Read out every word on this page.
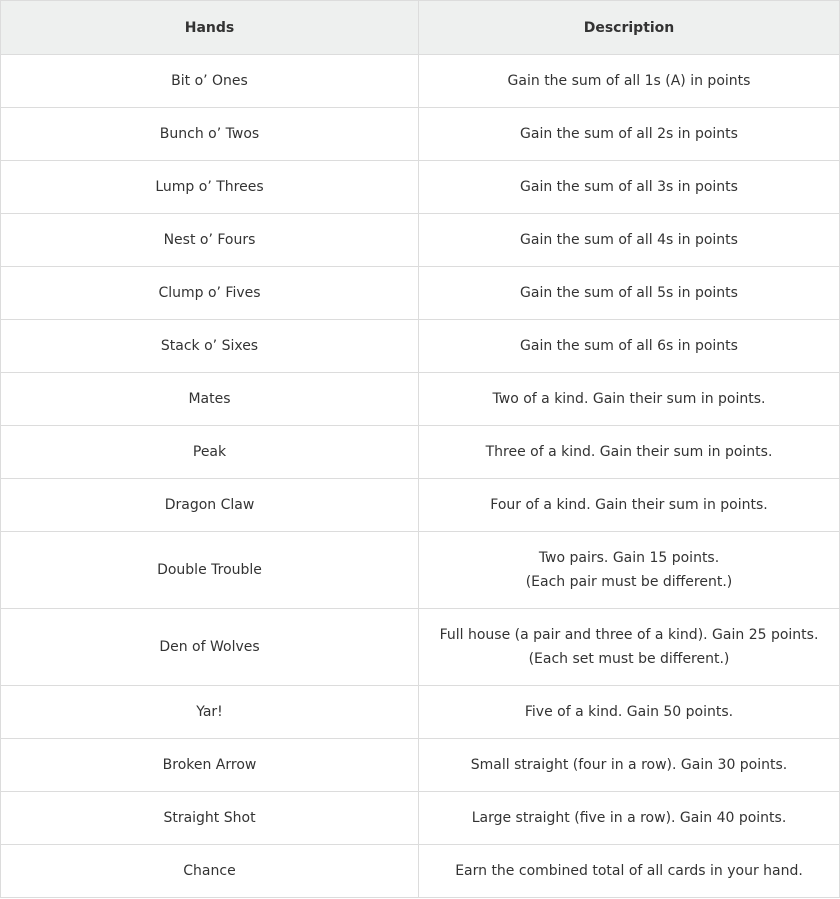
Hands	Description
Bit o’ Ones	Gain the sum of all 1s (A) in points

Bunch o’ Twos	Gain the sum of all 2s in points

Lump o’ Threes	Gain the sum of all 3s in points

Nest o’ Fours	Gain the sum of all 4s in points

Clump o’ Fives	Gain the sum of all 5s in points

Stack o’ Sixes	Gain the sum of all 6s in points

Mates	Two of a kind. Gain their sum in points.

Peak	Three of a kind. Gain their sum in points.

Dragon Claw	Four of a kind. Gain their sum in points.

Double Trouble	Two pairs. Gain 15 points.
(Each pair must be different.)

Den of Wolves	Full house (a pair and three of a kind). Gain 25 points.
(Each set must be different.)

Yar!	Five of a kind. Gain 50 points.

Broken Arrow	Small straight (four in a row). Gain 30 points.

Straight Shot	Large straight (five in a row). Gain 40 points.

Chance	Earn the combined total of all cards in your hand.
